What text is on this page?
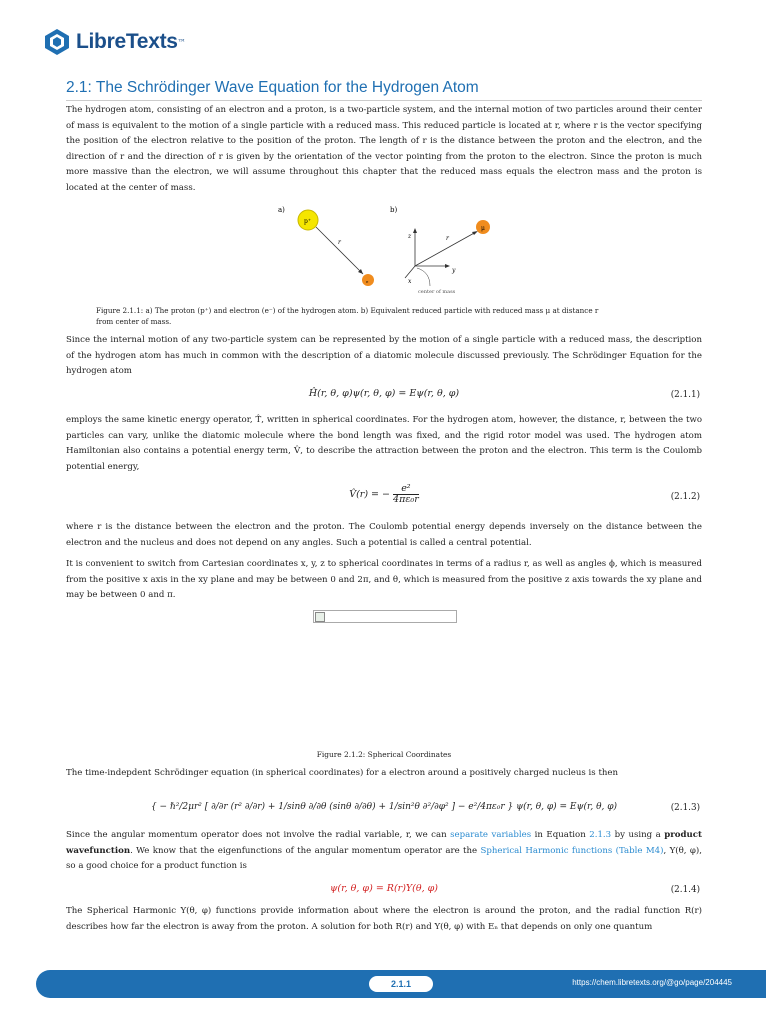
LibreTexts ™
2.1: The Schrödinger Wave Equation for the Hydrogen Atom

The hydrogen atom, consisting of an electron and a proton, is a two-particle system, and the internal motion of two particles around their center of mass is equivalent to the motion of a single particle with a reduced mass. This reduced particle is located at r, where r is the vector specifying the position of the electron relative to the position of the proton. The length of r is the distance between the proton and the electron, and the direction of r and the direction of r is given by the orientation of the vector pointing from the proton to the electron. Since the proton is much more massive than the electron, we will assume throughout this chapter that the reduced mass equals the electron mass and the proton is located at the center of mass.

a)	b)
p⁺
r
e
z
y
x
r
μ
center of mass
Figure 2.1.1: a) The proton (p⁺) and electron (e⁻) of the hydrogen atom. b) Equivalent reduced particle with reduced mass μ at distance r
from center of mass.

Since the internal motion of any two-particle system can be represented by the motion of a single particle with a reduced mass, the description of the hydrogen atom has much in common with the description of a diatomic molecule discussed previously. The Schrödinger Equation for the hydrogen atom

Ĥ(r, θ, φ)ψ(r, θ, φ) = Eψ(r, θ, φ)	(2.1.1)

employs the same kinetic energy operator, T̂, written in spherical coordinates. For the hydrogen atom, however, the distance, r, between the two particles can vary, unlike the diatomic molecule where the bond length was fixed, and the rigid rotor model was used. The hydrogen atom Hamiltonian also contains a potential energy term, V̂, to describe the attraction between the proton and the electron. This term is the Coulomb potential energy,

V̂(r) = − $\frac{\text{e²}}{\text{4πε₀r}}$	(2.1.2)

where r is the distance between the electron and the proton. The Coulomb potential energy depends inversely on the distance between the electron and the nucleus and does not depend on any angles. Such a potential is called a central potential.

It is convenient to switch from Cartesian coordinates x, y, z to spherical coordinates in terms of a radius r, as well as angles ϕ, which is measured from the positive x axis in the xy plane and may be between 0 and 2π, and θ, which is measured from the positive z axis towards the xy plane and may be between 0 and π.

Figure 2.1.2: Spherical Coordinates

The time-indepdent Schrödinger equation (in spherical coordinates) for a electron around a positively charged nucleus is then

{ − ℏ²/2μr² [ ∂/∂r (r² ∂/∂r) + 1/sinθ ∂/∂θ (sinθ ∂/∂θ) + 1/sin²θ ∂²/∂φ² ] − e²/4πε₀r } ψ(r, θ, φ) = Eψ(r, θ, φ)	(2.1.3)

Since the angular momentum operator does not involve the radial variable, r, we can separate variables in Equation 2.1.3 by using a product wavefunction. We know that the eigenfunctions of the angular momentum operator are the Spherical Harmonic functions (Table M4), Y(θ, φ), so a good choice for a product function is

ψ(r, θ, φ) = R(r)Y(θ, φ)	(2.1.4)

The Spherical Harmonic Y(θ, φ) functions provide information about where the electron is around the proton, and the radial function R(r) describes how far the electron is away from the proton. A solution for both R(r) and Y(θ, φ) with Eₙ that depends on only one quantum

2.1.1	https://chem.libretexts.org/@go/page/204445
